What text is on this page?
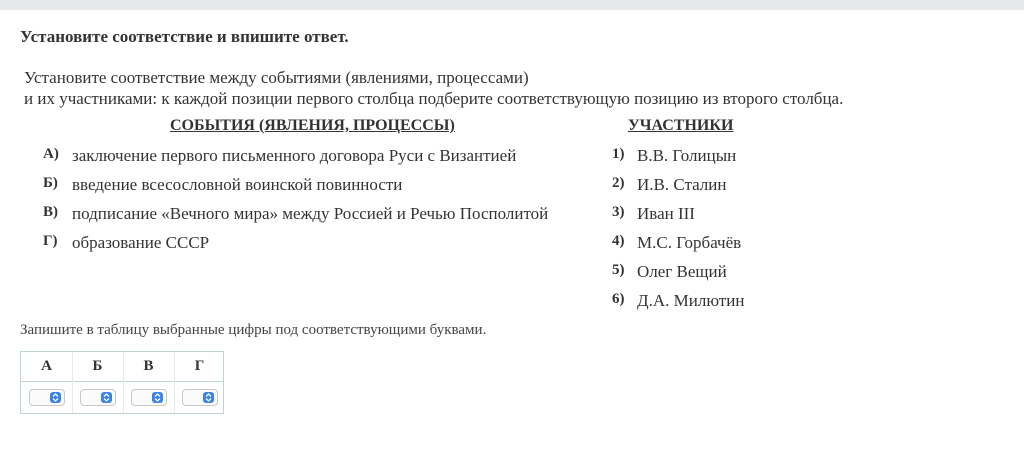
Установите соответствие и впишите ответ.
Установите соответствие между событиями (явлениями, процессами)
и их участниками: к каждой позиции первого столбца подберите соответствующую позицию из второго столбца.
СОБЫТИЯ (ЯВЛЕНИЯ, ПРОЦЕССЫ)	УЧАСТНИКИ
А) заключение первого письменного договора Руси с Византией
Б) введение всесословной воинской повинности
В) подписание «Вечного мира» между Россией и Речью Посполитой
Г) образование СССР
1) В.В. Голицын
2) И.В. Сталин
3) Иван III
4) М.С. Горбачёв
5) Олег Вещий
6) Д.А. Милютин
Запишите в таблицу выбранные цифры под соответствующими буквами.
А	Б	В	Г
